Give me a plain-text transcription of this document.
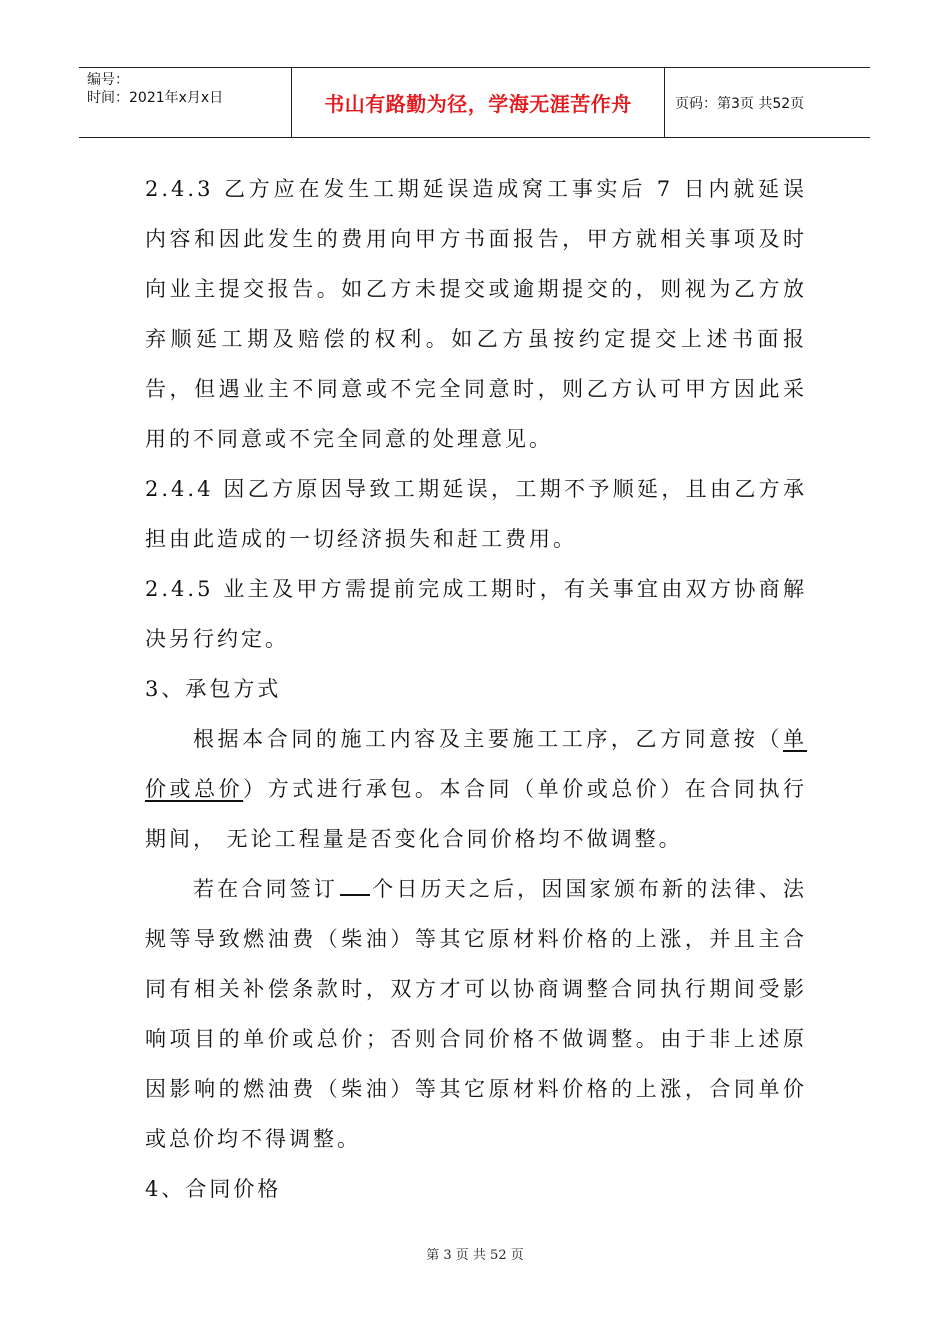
编号：
时间：2021年x月x日	书山有路勤为径，学海无涯苦作舟	页码：第3页 共52页

2.4.3 乙方应在发生工期延误造成窝工事实后 7 日内就延误内容和因此发生的费用向甲方书面报告，甲方就相关事项及时向业主提交报告。如乙方未提交或逾期提交的，则视为乙方放弃顺延工期及赔偿的权利。如乙方虽按约定提交上述书面报告，但遇业主不同意或不完全同意时，则乙方认可甲方因此采用的不同意或不完全同意的处理意见。

2.4.4 因乙方原因导致工期延误，工期不予顺延，且由乙方承担由此造成的一切经济损失和赶工费用。

2.4.5 业主及甲方需提前完成工期时，有关事宜由双方协商解决另行约定。

3、承包方式

根据本合同的施工内容及主要施工工序，乙方同意按（单价或总价）方式进行承包。本合同（单价或总价）在合同执行期间， 无论工程量是否变化合同价格均不做调整。

若在合同签订 个日历天之后，因国家颁布新的法律、法规等导致燃油费（柴油）等其它原材料价格的上涨，并且主合同有相关补偿条款时，双方才可以协商调整合同执行期间受影响项目的单价或总价；否则合同价格不做调整。由于非上述原因影响的燃油费（柴油）等其它原材料价格的上涨，合同单价或总价均不得调整。

4、合同价格

第 3 页 共 52 页
